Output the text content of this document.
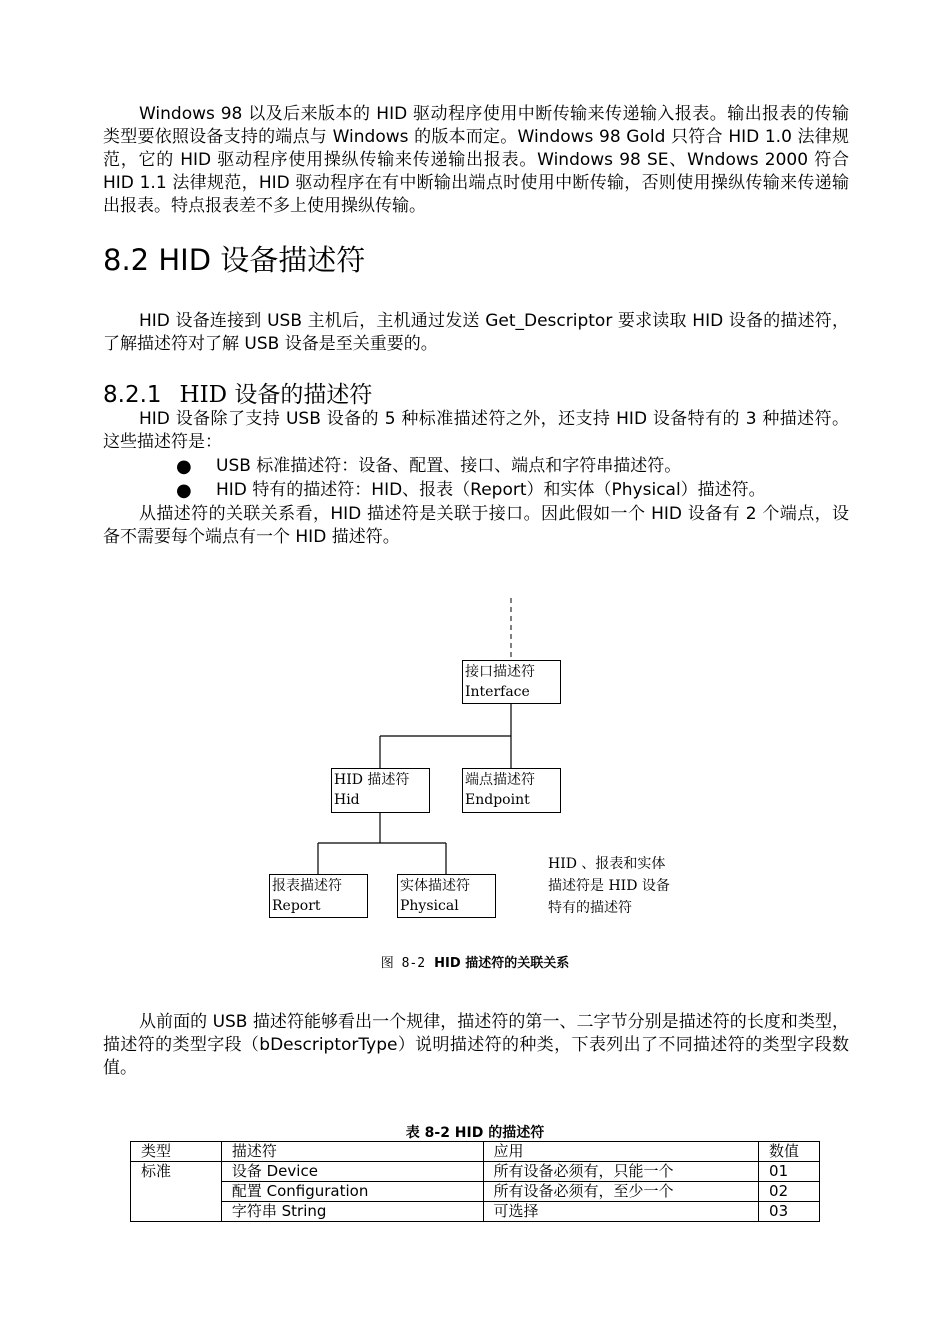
Windows 98 以及后来版本的 HID 驱动程序使用中断传输来传递输入报表。输出报表的传输类型要依照设备支持的端点与 Windows 的版本而定。Windows 98 Gold 只符合 HID 1.0 法律规范，它的 HID 驱动程序使用操纵传输来传递输出报表。Windows 98 SE、Wndows 2000 符合 HID 1.1 法律规范，HID 驱动程序在有中断输出端点时使用中断传输，否则使用操纵传输来传递输出报表。特点报表差不多上使用操纵传输。

8.2 HID 设备描述符

HID 设备连接到 USB 主机后，主机通过发送 Get_Descriptor 要求读取 HID 设备的描述符，了解描述符对了解 USB 设备是至关重要的。

8.2.1 HID 设备的描述符

HID 设备除了支持 USB 设备的 5 种标准描述符之外，还支持 HID 设备特有的 3 种描述符。这些描述符是：

● USB 标准描述符：设备、配置、接口、端点和字符串描述符。
● HID 特有的描述符：HID、报表（Report）和实体（Physical）描述符。

从描述符的关联关系看，HID 描述符是关联于接口。因此假如一个 HID 设备有 2 个端点，设备不需要每个端点有一个 HID 描述符。

接口描述符
Interface
HID 描述符
Hid
端点描述符
Endpoint
报表描述符
Report
实体描述符
Physical
HID 、报表和实体
描述符是 HID 设备
特有的描述符
图 8-2 HID 描述符的关联关系

从前面的 USB 描述符能够看出一个规律，描述符的第一、二字节分别是描述符的长度和类型，描述符的类型字段（bDescriptorType）说明描述符的种类，下表列出了不同描述符的类型字段数值。

表 8-2 HID 的描述符
类型	描述符	应用	数值
标准	设备 Device	所有设备必须有，只能一个	01
	配置 Configuration	所有设备必须有，至少一个	02
	字符串 String	可选择	03
